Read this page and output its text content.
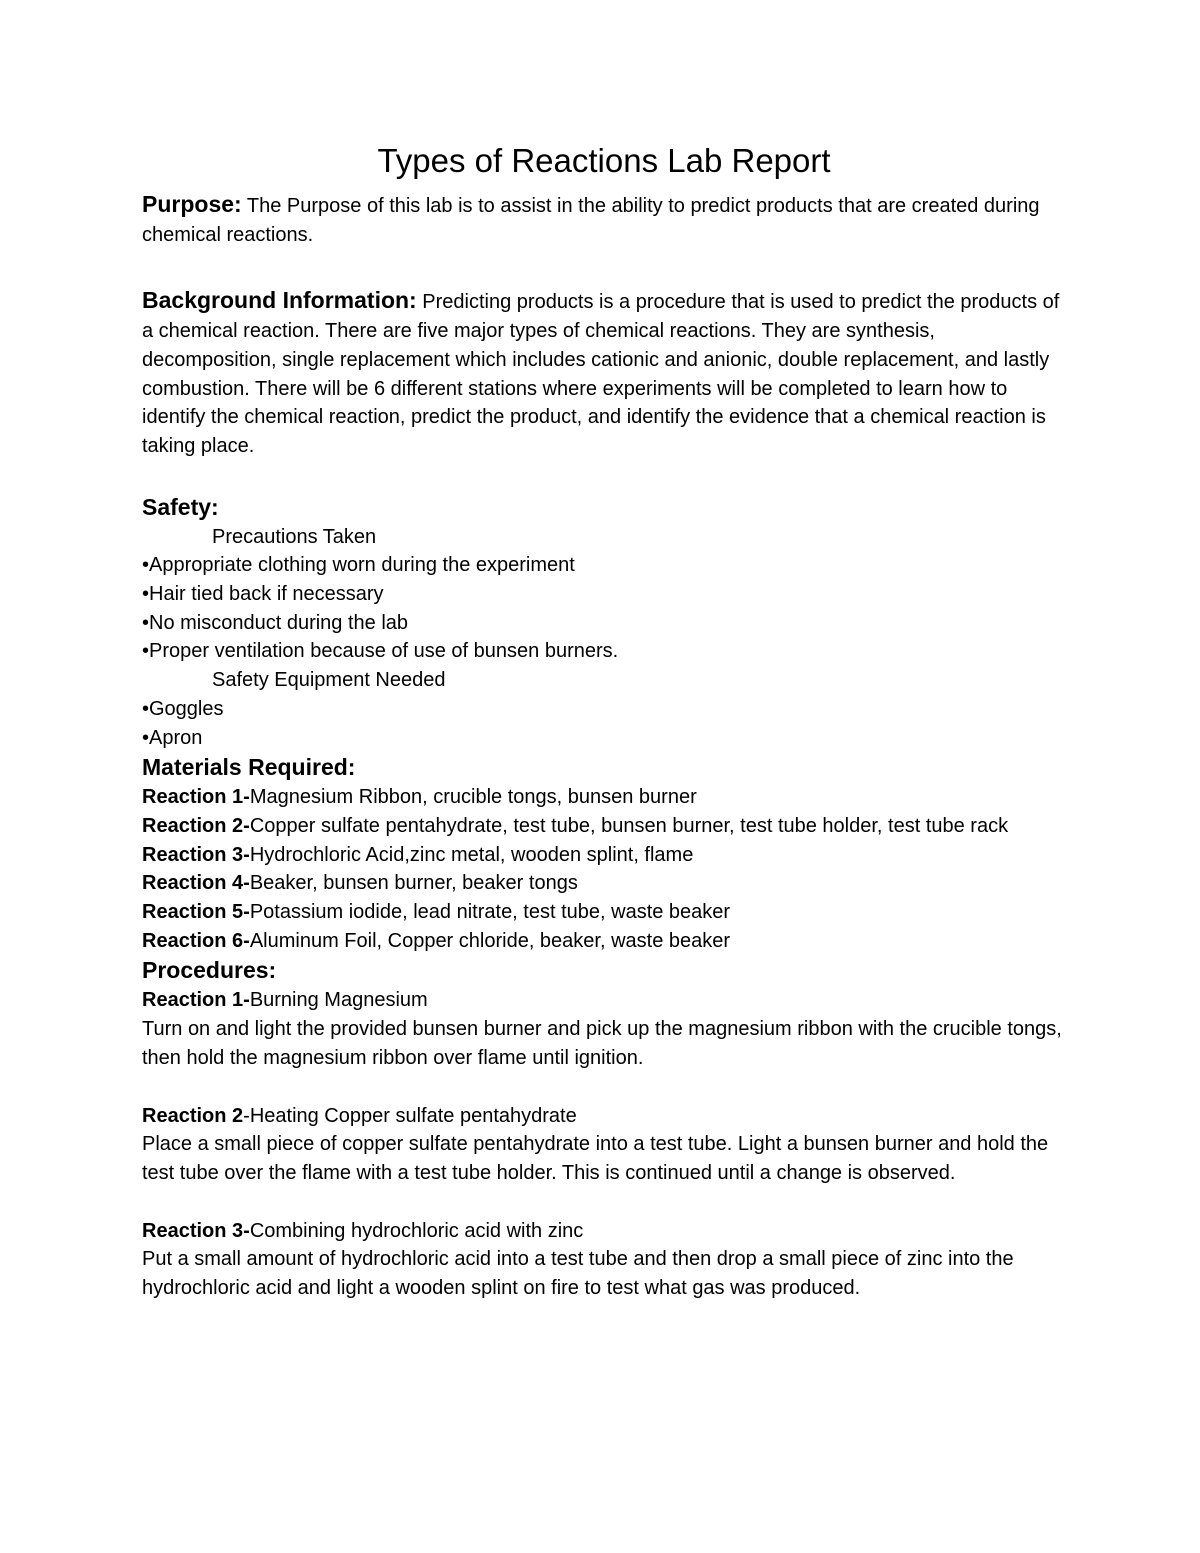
Types of Reactions Lab Report

Purpose: The Purpose of this lab is to assist in the ability to predict products that are created during chemical reactions.

Background Information: Predicting products is a procedure that is used to predict the products of a chemical reaction. There are five major types of chemical reactions. They are synthesis, decomposition, single replacement which includes cationic and anionic, double replacement, and lastly combustion. There will be 6 different stations where experiments will be completed to learn how to identify the chemical reaction, predict the product, and identify the evidence that a chemical reaction is taking place.

Safety:

Precautions Taken

•Appropriate clothing worn during the experiment

•Hair tied back if necessary

•No misconduct during the lab

•Proper ventilation because of use of bunsen burners.

Safety Equipment Needed

•Goggles

•Apron

Materials Required:

Reaction 1-Magnesium Ribbon, crucible tongs, bunsen burner

Reaction 2-Copper sulfate pentahydrate, test tube, bunsen burner, test tube holder, test tube rack

Reaction 3-Hydrochloric Acid,zinc metal, wooden splint, flame

Reaction 4-Beaker, bunsen burner, beaker tongs

Reaction 5-Potassium iodide, lead nitrate, test tube, waste beaker

Reaction 6-Aluminum Foil, Copper chloride, beaker, waste beaker

Procedures:

Reaction 1-Burning Magnesium

Turn on and light the provided bunsen burner and pick up the magnesium ribbon with the crucible tongs, then hold the magnesium ribbon over flame until ignition.

Reaction 2-Heating Copper sulfate pentahydrate

Place a small piece of copper sulfate pentahydrate into a test tube. Light a bunsen burner and hold the test tube over the flame with a test tube holder. This is continued until a change is observed.

Reaction 3-Combining hydrochloric acid with zinc

Put a small amount of hydrochloric acid into a test tube and then drop a small piece of zinc into the hydrochloric acid and light a wooden splint on fire to test what gas was produced.
